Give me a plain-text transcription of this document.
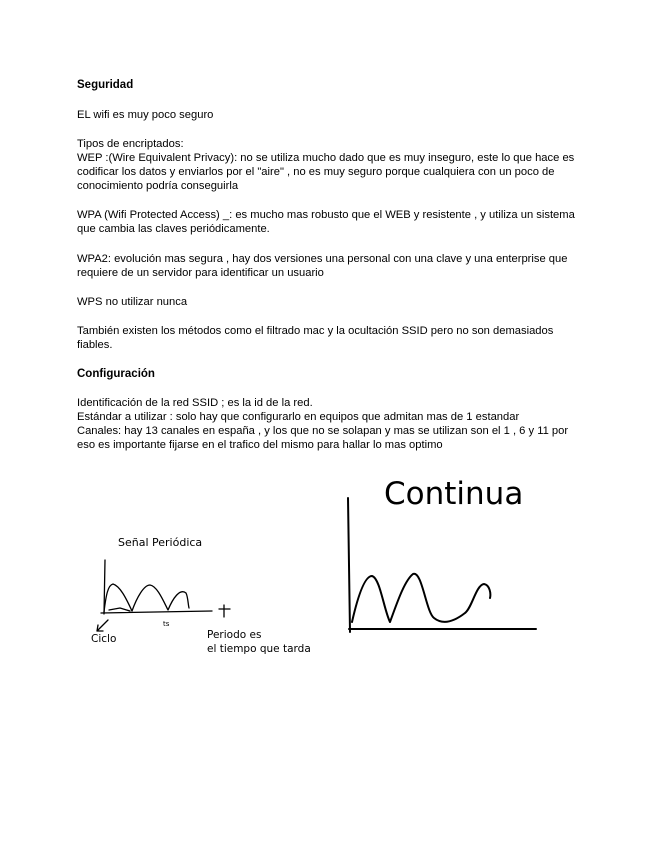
Seguridad

EL wifi es muy poco seguro

Tipos de encriptados:

WEP :(Wire Equivalent Privacy): no se utiliza mucho dado que es muy inseguro, este lo que hace es codificar los datos y enviarlos por el "aire" , no es muy seguro porque cualquiera con un poco de conocimiento podría conseguirla

WPA (Wifi Protected Access) _: es mucho mas robusto que el WEB y resistente , y utiliza un sistema que cambia las claves periódicamente.

WPA2: evolución mas segura , hay dos versiones una personal con una clave y una enterprise que requiere de un servidor para identificar un usuario

WPS no utilizar nunca

También existen los métodos como el filtrado mac y la ocultación SSID pero no son demasiados fiables.

Configuración

Identificación de la red SSID ; es la id de la red.

Estándar a utilizar : solo hay que configurarlo en equipos que admitan mas de 1 estandar

Canales: hay 13 canales en españa , y los que no se solapan y mas se utilizan son el 1 , 6 y 11 por eso es importante fijarse en el trafico del mismo para hallar lo mas optimo

Señal Periódica
ts
Ciclo	Periodo es
el tiempo que tarda
Continua
